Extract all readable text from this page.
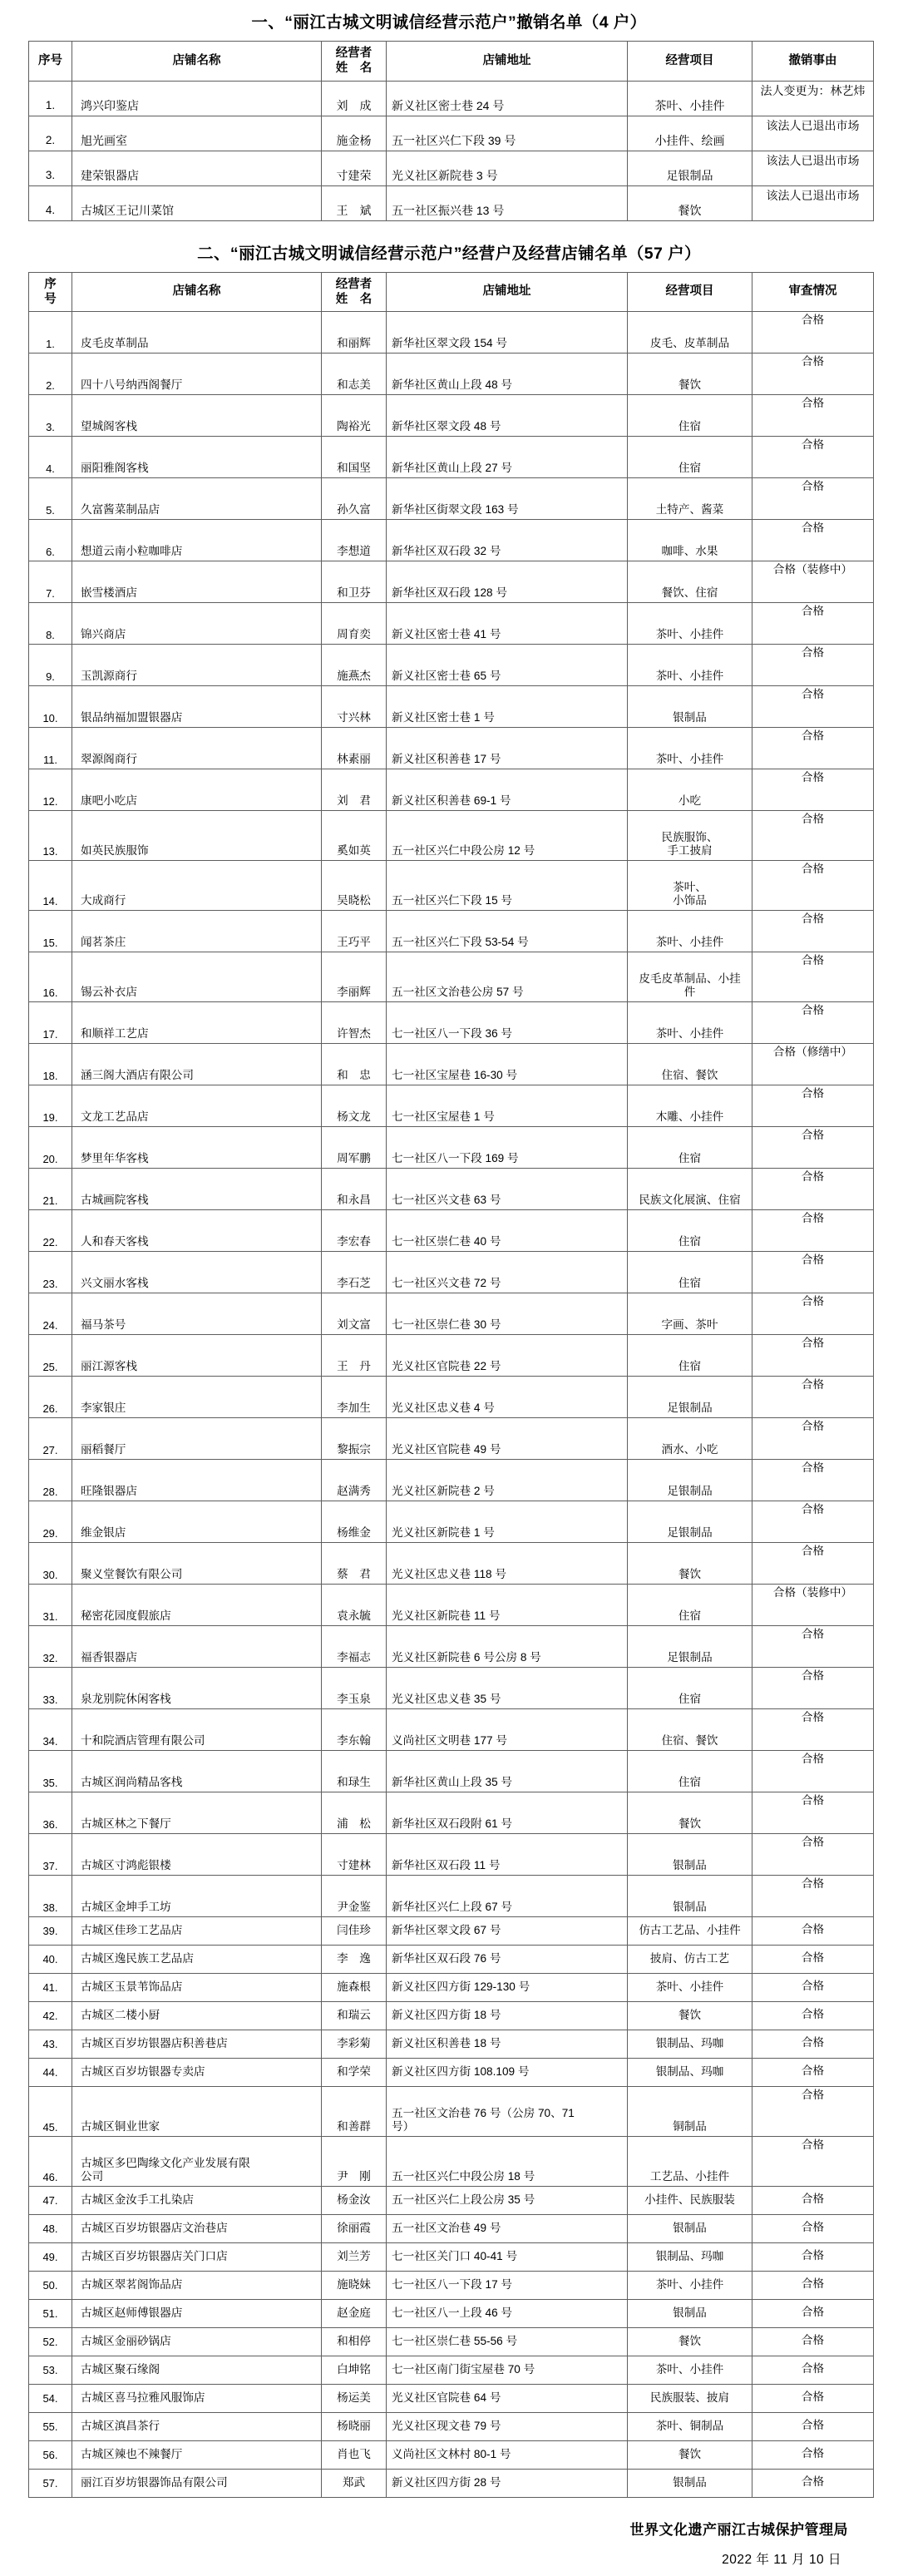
一、“丽江古城文明诚信经营示范户”撤销名单（4 户）
序号	店铺名称	经营者
姓　名	店铺地址	经营项目	撤销事由
1.	鸿兴印鉴店	刘　成	新义社区密士巷 24 号	茶叶、小挂件	法人变更为：林艺炜
2.	旭光画室	施金杨	五一社区兴仁下段 39 号	小挂件、绘画	该法人已退出市场
3.	建荣银器店	寸建荣	光义社区新院巷 3 号	足银制品	该法人已退出市场
4.	古城区王记川菜馆	王　斌	五一社区振兴巷 13 号	餐饮	该法人已退出市场
二、“丽江古城文明诚信经营示范户”经营户及经营店铺名单（57 户）
序
号	店铺名称	经营者
姓　名	店铺地址	经营项目	审查情况
1.	皮毛皮革制品	和丽辉	新华社区翠文段 154 号	皮毛、皮革制品	合格
2.	四十八号纳西阁餐厅	和志美	新华社区黄山上段 48 号	餐饮	合格
3.	望城阁客栈	陶裕光	新华社区翠文段 48 号	住宿	合格
4.	丽阳雅阁客栈	和国坚	新华社区黄山上段 27 号	住宿	合格
5.	久富酱菜制品店	孙久富	新华社区街翠文段 163 号	土特产、酱菜	合格
6.	想道云南小粒咖啡店	李想道	新华社区双石段 32 号	咖啡、水果	合格
7.	嵌雪楼酒店	和卫芬	新华社区双石段 128 号	餐饮、住宿	合格（装修中）
8.	锦兴商店	周育奕	新义社区密士巷 41 号	茶叶、小挂件	合格
9.	玉凯源商行	施燕杰	新义社区密士巷 65 号	茶叶、小挂件	合格
10.	银品纳福加盟银器店	寸兴林	新义社区密士巷 1 号	银制品	合格
11.	翠源阁商行	林素丽	新义社区积善巷 17 号	茶叶、小挂件	合格
12.	康吧小吃店	刘　君	新义社区积善巷 69-1 号	小吃	合格
13.	如英民族服饰	奚如英	五一社区兴仁中段公房 12 号	民族服饰、
手工披肩	合格
14.	大成商行	吴晓松	五一社区兴仁下段 15 号	茶叶、
小饰品	合格
15.	闻茗茶庄	王巧平	五一社区兴仁下段 53-54 号	茶叶、小挂件	合格
16.	锡云补衣店	李丽辉	五一社区文治巷公房 57 号	皮毛皮革制品、小挂
件	合格
17.	和顺祥工艺店	许智杰	七一社区八一下段 36 号	茶叶、小挂件	合格
18.	涵三阁大酒店有限公司	和　忠	七一社区宝屋巷 16-30 号	住宿、餐饮	合格（修缮中）
19.	文龙工艺品店	杨文龙	七一社区宝屋巷 1 号	木雕、小挂件	合格
20.	梦里年华客栈	周军鹏	七一社区八一下段 169 号	住宿	合格
21.	古城画院客栈	和永昌	七一社区兴文巷 63 号	民族文化展演、住宿	合格
22.	人和春天客栈	李宏春	七一社区崇仁巷 40 号	住宿	合格
23.	兴文丽水客栈	李石芝	七一社区兴文巷 72 号	住宿	合格
24.	福马茶号	刘文富	七一社区崇仁巷 30 号	字画、茶叶	合格
25.	丽江源客栈	王　丹	光义社区官院巷 22 号	住宿	合格
26.	李家银庄	李加生	光义社区忠义巷 4 号	足银制品	合格
27.	丽稻餐厅	黎振宗	光义社区官院巷 49 号	酒水、小吃	合格
28.	旺隆银器店	赵满秀	光义社区新院巷 2 号	足银制品	合格
29.	维金银店	杨维金	光义社区新院巷 1 号	足银制品	合格
30.	聚义堂餐饮有限公司	蔡　君	光义社区忠义巷 118 号	餐饮	合格
31.	秘密花园度假旅店	袁永毓	光义社区新院巷 11 号	住宿	合格（装修中）
32.	福香银器店	李福志	光义社区新院巷 6 号公房 8 号	足银制品	合格
33.	泉龙别院休闲客栈	李玉泉	光义社区忠义巷 35 号	住宿	合格
34.	十和院酒店管理有限公司	李东翰	义尚社区文明巷 177 号	住宿、餐饮	合格
35.	古城区润尚精品客栈	和琭生	新华社区黄山上段 35 号	住宿	合格
36.	古城区林之下餐厅	浦　松	新华社区双石段附 61 号	餐饮	合格
37.	古城区寸鸿彪银楼	寸建林	新华社区双石段 11 号	银制品	合格
38.	古城区金坤手工坊	尹金鉴	新华社区兴仁上段 67 号	银制品	合格
39.	古城区佳珍工艺品店	闫佳珍	新华社区翠文段 67 号	仿古工艺品、小挂件	合格
40.	古城区逸民族工艺品店	李　逸	新华社区双石段 76 号	披肩、仿古工艺	合格
41.	古城区玉景苇饰品店	施森根	新义社区四方街 129-130 号	茶叶、小挂件	合格
42.	古城区二楼小厨	和瑞云	新义社区四方街 18 号	餐饮	合格
43.	古城区百岁坊银器店积善巷店	李彩菊	新义社区积善巷 18 号	银制品、玛咖	合格
44.	古城区百岁坊银器专卖店	和学荣	新义社区四方街 108.109 号	银制品、玛咖	合格
45.	古城区铜业世家	和善群	五一社区文治巷 76 号（公房 70、71
号）	铜制品	合格
46.	古城区多巴陶缘文化产业发展有限
公司	尹　刚	五一社区兴仁中段公房 18 号	工艺品、小挂件	合格
47.	古城区金汝手工扎染店	杨金汝	五一社区兴仁上段公房 35 号	小挂件、民族服装	合格
48.	古城区百岁坊银器店文治巷店	徐丽霞	五一社区文治巷 49 号	银制品	合格
49.	古城区百岁坊银器店关门口店	刘兰芳	七一社区关门口 40-41 号	银制品、玛咖	合格
50.	古城区翠茗阁饰品店	施晓妹	七一社区八一下段 17 号	茶叶、小挂件	合格
51.	古城区赵师傅银器店	赵金庭	七一社区八一上段 46 号	银制品	合格
52.	古城区金丽砂锅店	和相停	七一社区崇仁巷 55-56 号	餐饮	合格
53.	古城区聚石缘阁	白坤铭	七一社区南门街宝屋巷 70 号	茶叶、小挂件	合格
54.	古城区喜马拉雅风服饰店	杨运美	光义社区官院巷 64 号	民族服装、披肩	合格
55.	古城区滇昌茶行	杨晓丽	光义社区现文巷 79 号	茶叶、铜制品	合格
56.	古城区辣也不辣餐厅	肖也飞	义尚社区文林村 80-1 号	餐饮	合格
57.	丽江百岁坊银器饰品有限公司	郑武	新义社区四方街 28 号	银制品	合格
世界文化遗产丽江古城保护管理局
2022 年 11 月 10 日
